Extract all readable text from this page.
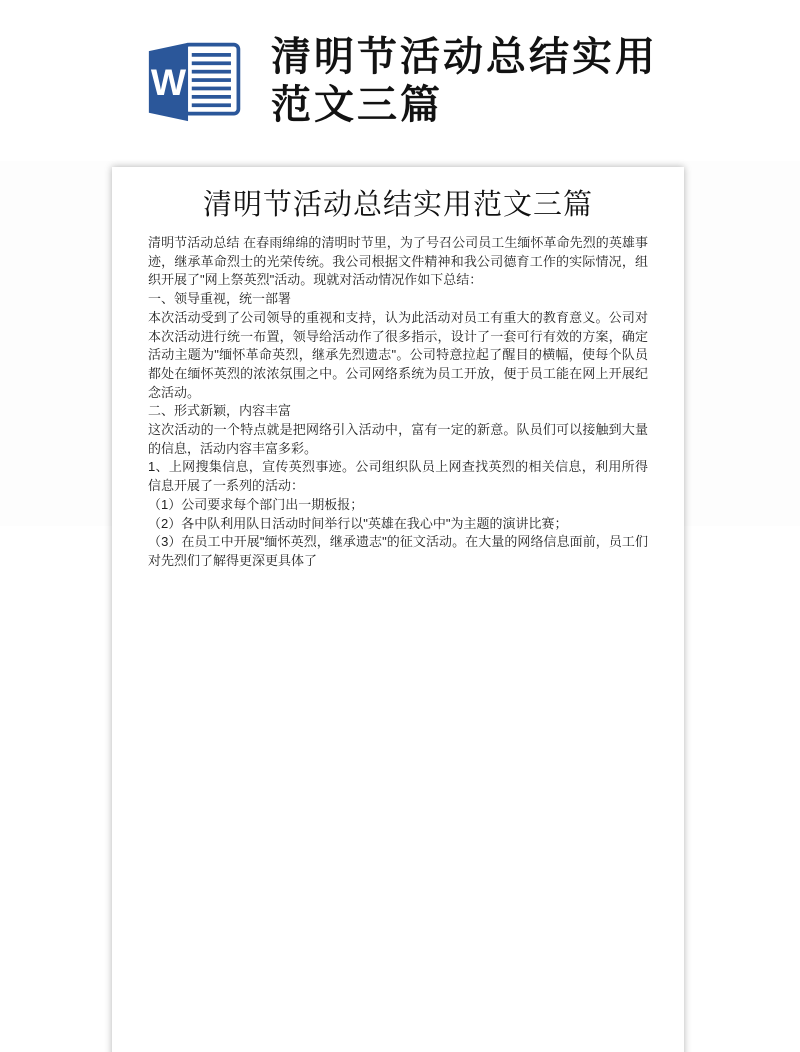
W
清明节活动总结实用
范文三篇
清明节活动总结实用范文三篇

清明节活动总结 在春雨绵绵的清明时节里，为了号召公司员工生缅怀革命先烈的英雄事迹，继承革命烈士的光荣传统。我公司根据文件精神和我公司德育工作的实际情况，组织开展了"网上祭英烈"活动。现就对活动情况作如下总结：

一、领导重视，统一部署

本次活动受到了公司领导的重视和支持，认为此活动对员工有重大的教育意义。公司对本次活动进行统一布置，领导给活动作了很多指示，设计了一套可行有效的方案，确定活动主题为"缅怀革命英烈，继承先烈遗志"。公司特意拉起了醒目的横幅，使每个队员都处在缅怀英烈的浓浓氛围之中。公司网络系统为员工开放，便于员工能在网上开展纪念活动。

二、形式新颖，内容丰富

这次活动的一个特点就是把网络引入活动中，富有一定的新意。队员们可以接触到大量的信息，活动内容丰富多彩。

1、上网搜集信息，宣传英烈事迹。公司组织队员上网查找英烈的相关信息，利用所得信息开展了一系列的活动：

（1）公司要求每个部门出一期板报；

（2）各中队利用队日活动时间举行以"英雄在我心中"为主题的演讲比赛；

（3）在员工中开展"缅怀英烈，继承遗志"的征文活动。在大量的网络信息面前，员工们对先烈们了解得更深更具体了
